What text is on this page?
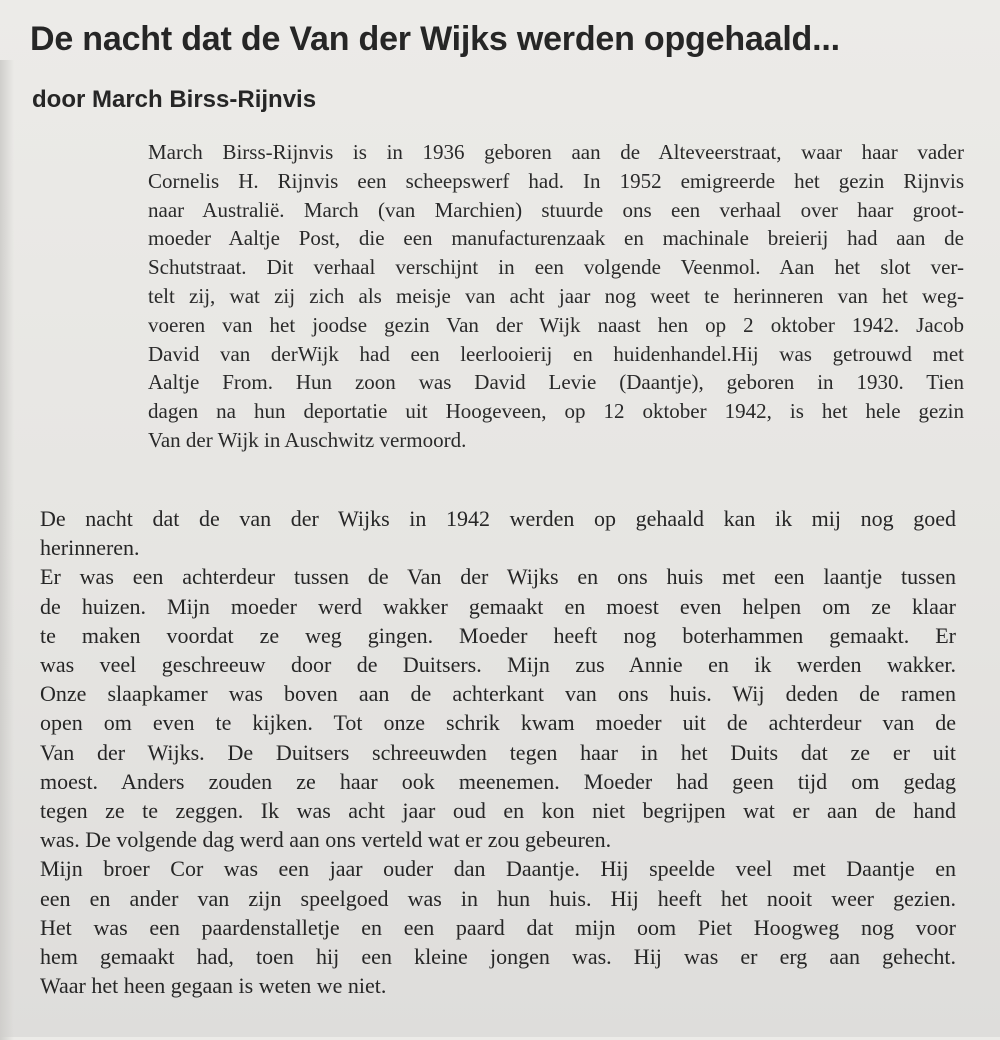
De nacht dat de Van der Wijks werden opgehaald...
door March Birss-Rijnvis
March Birss-Rijnvis is in 1936 geboren aan de Alteveerstraat, waar haar vader
Cornelis H. Rijnvis een scheepswerf had. In 1952 emigreerde het gezin Rijnvis
naar Australië. March (van Marchien) stuurde ons een verhaal over haar groot-
moeder Aaltje Post, die een manufacturenzaak en machinale breierij had aan de
Schutstraat. Dit verhaal verschijnt in een volgende Veenmol. Aan het slot ver-
telt zij, wat zij zich als meisje van acht jaar nog weet te herinneren van het weg-
voeren van het joodse gezin Van der Wijk naast hen op 2 oktober 1942. Jacob
David van derWijk had een leerlooierij en huidenhandel.Hij was getrouwd met
Aaltje From. Hun zoon was David Levie (Daantje), geboren in 1930. Tien
dagen na hun deportatie uit Hoogeveen, op 12 oktober 1942, is het hele gezin
Van der Wijk in Auschwitz vermoord.
De nacht dat de van der Wijks in 1942 werden op gehaald kan ik mij nog goed
herinneren.
Er was een achterdeur tussen de Van der Wijks en ons huis met een laantje tussen
de huizen. Mijn moeder werd wakker gemaakt en moest even helpen om ze klaar
te maken voordat ze weg gingen. Moeder heeft nog boterhammen gemaakt. Er
was veel geschreeuw door de Duitsers. Mijn zus Annie en ik werden wakker.
Onze slaapkamer was boven aan de achterkant van ons huis. Wij deden de ramen
open om even te kijken. Tot onze schrik kwam moeder uit de achterdeur van de
Van der Wijks. De Duitsers schreeuwden tegen haar in het Duits dat ze er uit
moest. Anders zouden ze haar ook meenemen. Moeder had geen tijd om gedag
tegen ze te zeggen. Ik was acht jaar oud en kon niet begrijpen wat er aan de hand
was. De volgende dag werd aan ons verteld wat er zou gebeuren.
Mijn broer Cor was een jaar ouder dan Daantje. Hij speelde veel met Daantje en
een en ander van zijn speelgoed was in hun huis. Hij heeft het nooit weer gezien.
Het was een paardenstalletje en een paard dat mijn oom Piet Hoogweg nog voor
hem gemaakt had, toen hij een kleine jongen was. Hij was er erg aan gehecht.
Waar het heen gegaan is weten we niet.
